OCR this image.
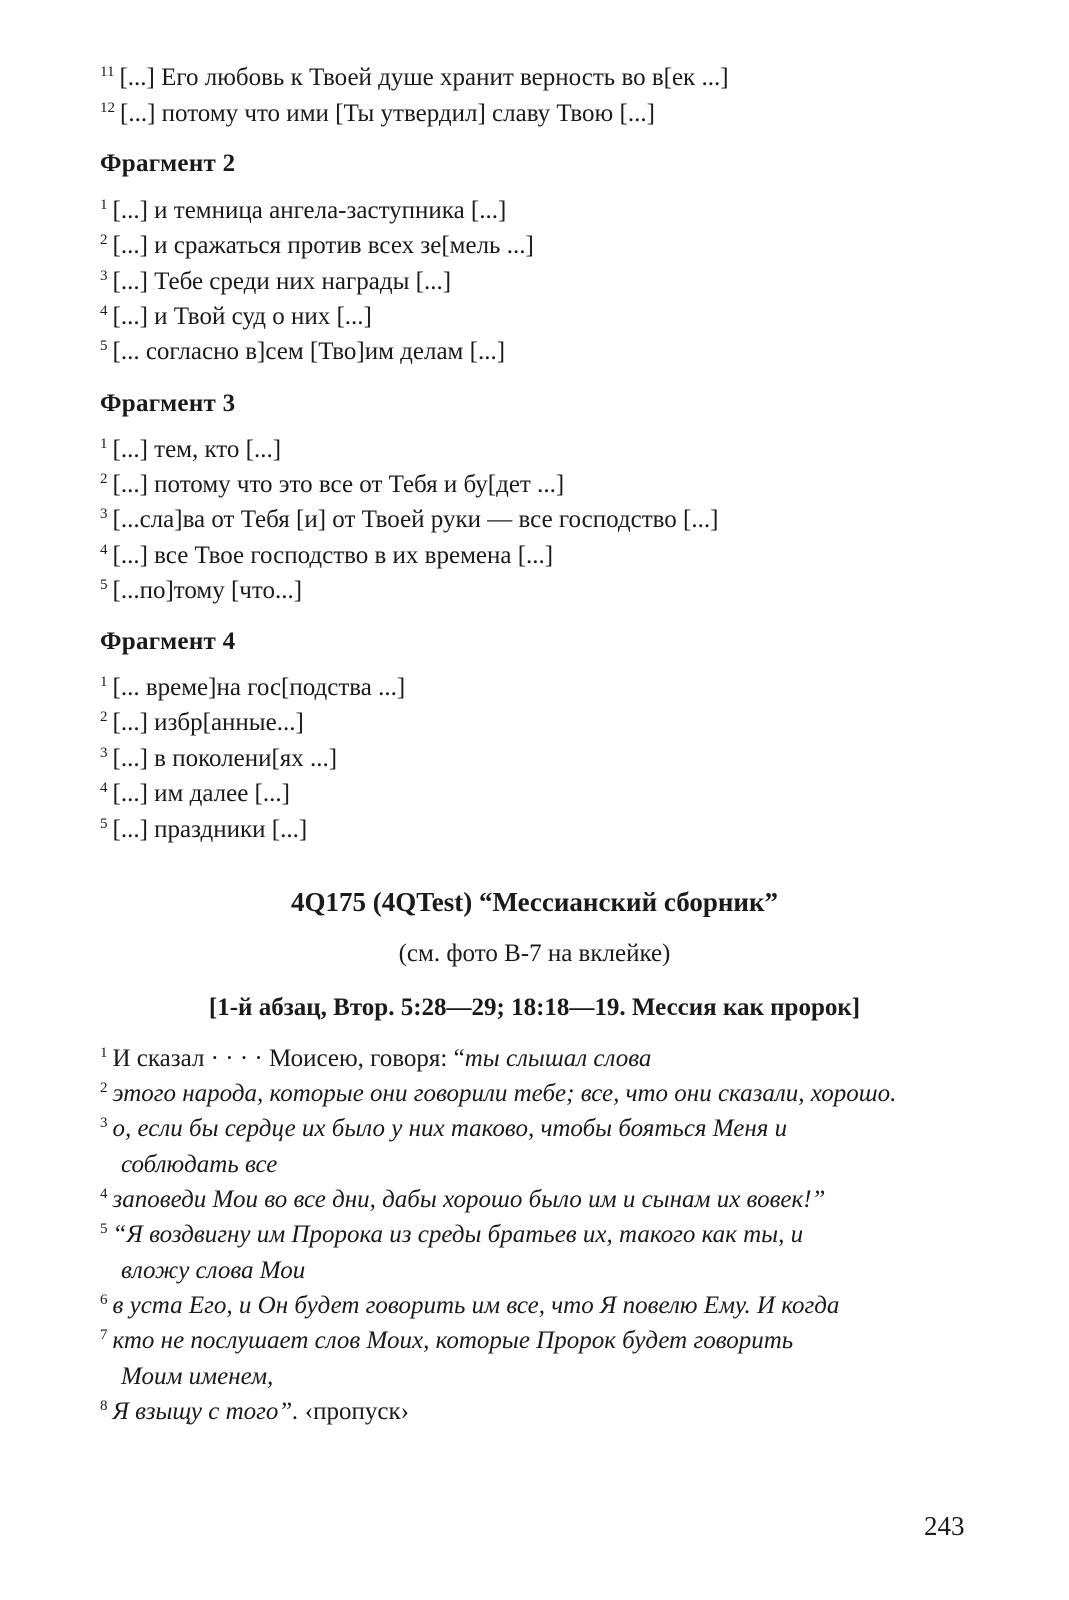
$^{11}$ [...] Его любовь к Твоей душе хранит верность во в[ек ...]
$^{12}$ [...] потому что ими [Ты утвердил] славу Твою [...]
Фрагмент 2
$^1$ [...] и темница ангела-заступника [...]
$^2$ [...] и сражаться против всех зе[мель ...]
$^3$ [...] Тебе среди них награды [...]
$^4$ [...] и Твой суд о них [...]
$^5$ [... согласно в]сем [Тво]им делам [...]
Фрагмент 3
$^1$ [...] тем, кто [...]
$^2$ [...] потому что это все от Тебя и бу[дет ...]
$^3$ [...сла]ва от Тебя [и] от Твоей руки — все господство [...]
$^4$ [...] все Твое господство в их времена [...]
$^5$ [...по]тому [что...]
Фрагмент 4
$^1$ [... време]на гос[подства ...]
$^2$ [...] избр[анные...]
$^3$ [...] в поколени[ях ...]
$^4$ [...] им далее [...]
$^5$ [...] праздники [...]
4Q175 (4QTest) “Мессианский сборник”
(см. фото В-7 на вклейке)
[1-й абзац, Втор. 5:28—29; 18:18—19. Мессия как пророк]
$^1$ И сказал · · · · Моисею, говоря: “ты слышал слова
$^2$ этого народа, которые они говорили тебе; все, что они сказали, хорошо.
$^3$ о, если бы сердце их было у них таково, чтобы бояться Меня и
соблюдать все
$^4$ заповеди Мои во все дни, дабы хорошо было им и сынам их вовек!”
$^5$ “Я воздвигну им Пророка из среды братьев их, такого как ты, и
вложу слова Мои
$^6$ в уста Его, и Он будет говорить им все, что Я повелю Ему. И когда
$^7$ кто не послушает слов Моих, которые Пророк будет говорить
Моим именем,
$^8$ Я взыщу с того”. ‹пропуск›
243
